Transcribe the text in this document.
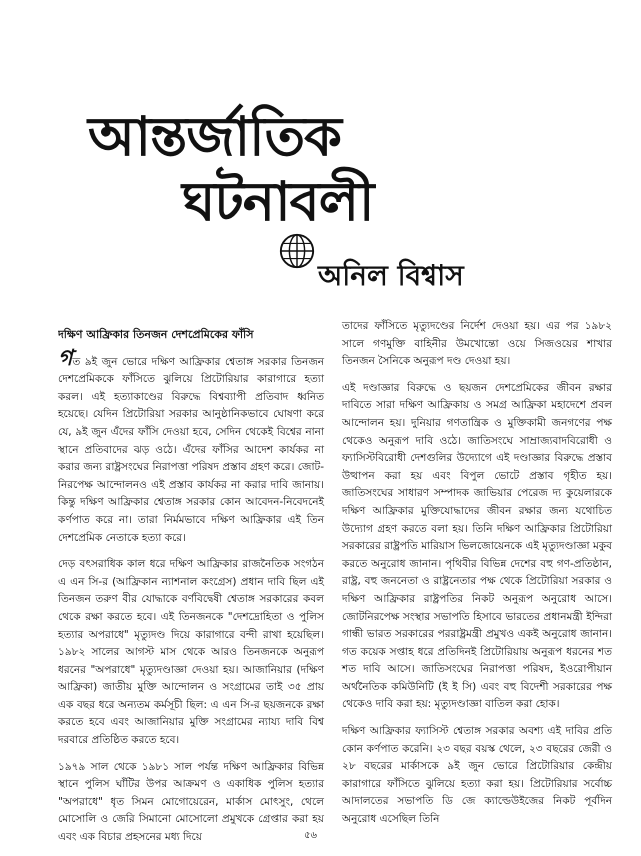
আন্তর্জাতিক
ঘটনাবলী
অনিল বিশ্বাস
দক্ষিণ আফ্রিকার তিনজন দেশপ্রেমিকের ফাঁসি

গত ৯ই জুন ভোরে দক্ষিণ আফ্রিকার শ্বেতাঙ্গ সরকার তিনজন দেশপ্রেমিককে ফাঁসিতে ঝুলিয়ে প্রিটোরিয়ার কারাগারে হত্যা করল। এই হত্যাকাণ্ডের বিরুদ্ধে বিশ্বব্যাপী প্রতিবাদ ধ্বনিত হয়েছে। যেদিন প্রিটোরিয়া সরকার আনুষ্ঠানিকভাবে ঘোষণা করে যে, ৯ই জুন এঁদের ফাঁসি দেওয়া হবে, সেদিন থেকেই বিশ্বের নানা স্থানে প্রতিবাদের ঝড় ওঠে। এঁদের ফাঁসির আদেশ কার্যকর না করার জন্য রাষ্ট্রসংঘের নিরাপত্তা পরিষদ প্রস্তাব গ্রহণ করে। জোট-নিরপেক্ষ আন্দোলনও এই প্রস্তাব কার্যকর না করার দাবি জানায়। কিন্তু দক্ষিণ আফ্রিকার শ্বেতাঙ্গ সরকার কোন আবেদন-নিবেদনেই কর্ণপাত করে না। তারা নির্মমভাবে দক্ষিণ আফ্রিকার এই তিন দেশপ্রেমিক নেতাকে হত্যা করে।

দেড় বৎসরাধিক কাল ধরে দক্ষিণ আফ্রিকার রাজনৈতিক সংগঠন এ এন সি-র (আফ্রিকান ন্যাশনাল কংগ্রেস) প্রধান দাবি ছিল এই তিনজন তরুণ বীর যোদ্ধাকে বর্ণবিদ্বেষী শ্বেতাঙ্গ সরকারের কবল থেকে রক্ষা করতে হবে। এই তিনজনকে "দেশদ্রোহিতা ও পুলিস হত্যার অপরাধে" মৃত্যুদণ্ড দিয়ে কারাগারে বন্দী রাখা হয়েছিল। ১৯৮২ সালের আগস্ট মাস থেকে আরও তিনজনকে অনুরূপ ধরনের "অপরাধে" মৃত্যুদণ্ডাজ্ঞা দেওয়া হয়। আজানিয়ার (দক্ষিণ আফ্রিকা) জাতীয় মুক্তি আন্দোলন ও সংগ্রামের তাই ৩৫ প্রায় এক বছর ধরে অন্যতম কর্মসূচী ছিল: এ এন সি-র ছয়জনকে রক্ষা করতে হবে এবং আজানিয়ার মুক্তি সংগ্রামের ন্যায্য দাবি বিশ্ব দরবারে প্রতিষ্ঠিত করতে হবে।

১৯৭৯ সাল থেকে ১৯৮১ সাল পর্যন্ত দক্ষিণ আফ্রিকার বিভিন্ন স্থানে পুলিস ঘাঁটির উপর আক্রমণ ও একাধিক পুলিস হত্যার "অপরাধে" ধৃত সিমন মোগোয়েরেন, মার্কাস মোৎসুং, থেলে মোসোলি ও জেরি সিমানো মোসোলো প্রমুখকে গ্রেপ্তার করা হয় এবং এক বিচার প্রহসনের মধ্য দিয়ে

তাদের ফাঁসিতে মৃত্যুদণ্ডের নির্দেশ দেওয়া হয়। এর পর ১৯৮২ সালে গণমুক্তি বাহিনীর উমখোন্তো ওয়ে সিজওয়ের শাখার তিনজন সৈনিকে অনুরূপ দণ্ড দেওয়া হয়।

এই দণ্ডাজ্ঞার বিরুদ্ধে ও ছয়জন দেশপ্রেমিকের জীবন রক্ষার দাবিতে সারা দক্ষিণ আফ্রিকায় ও সমগ্র আফ্রিকা মহাদেশে প্রবল আন্দোলন হয়। দুনিয়ার গণতান্ত্রিক ও মুক্তিকামী জনগণের পক্ষ থেকেও অনুরূপ দাবি ওঠে। জাতিসংঘে সাম্রাজ্যবাদবিরোধী ও ফ্যাসিস্টবিরোধী দেশগুলির উদ্যোগে এই দণ্ডাজ্ঞার বিরুদ্ধে প্রস্তাব উত্থাপন করা হয় এবং বিপুল ভোটে প্রস্তাব গৃহীত হয়। জাতিসংঘের সাধারণ সম্পাদক জাভিয়ার পেরেজ দ্য কুয়েলারকে দক্ষিণ আফ্রিকার মুক্তিযোদ্ধাদের জীবন রক্ষার জন্য যথোচিত উদ্যোগ গ্রহণ করতে বলা হয়। তিনি দক্ষিণ আফ্রিকার প্রিটোরিয়া সরকারের রাষ্ট্রপতি মারিয়াস ভিলজোয়েনকে এই মৃত্যুদণ্ডাজ্ঞা মকুব করতে অনুরোধ জানান। পৃথিবীর বিভিন্ন দেশের বহু গণ-প্রতিষ্ঠান, রাষ্ট্র, বহু জননেতা ও রাষ্ট্রনেতার পক্ষ থেকে প্রিটোরিয়া সরকার ও দক্ষিণ আফ্রিকার রাষ্ট্রপতির নিকট অনুরূপ অনুরোধ আসে। জোটনিরপেক্ষ সংস্থার সভাপতি হিসাবে ভারতের প্রধানমন্ত্রী ইন্দিরা গান্ধী ভারত সরকারের পররাষ্ট্রমন্ত্রী প্রমুখও একই অনুরোধ জানান। গত কয়েক সপ্তাহ ধরে প্রতিদিনই প্রিটোরিয়ায় অনুরূপ ধরনের শত শত দাবি আসে। জাতিসংঘের নিরাপত্তা পরিষদ, ইওরোপীয়ান অর্থনৈতিক কমিউনিটি (ই ই সি) এবং বহু বিদেশী সরকারের পক্ষ থেকেও দাবি করা হয়: মৃত্যুদণ্ডাজ্ঞা বাতিল করা হোক।

দক্ষিণ আফ্রিকার ফ্যাসিস্ট শ্বেতাঙ্গ সরকার অবশ্য এই দাবির প্রতি কোন কর্ণপাত করেনি। ২৩ বছর বয়স্ক থেলে, ২৩ বছরের জেরী ও ২৮ বছরের মার্কাসকে ৯ই জুন ভোরে প্রিটোরিয়ার কেন্দ্রীয় কারাগারে ফাঁসিতে ঝুলিয়ে হত্যা করা হয়। প্রিটোরিয়ার সর্বোচ্চ আদালতের সভাপতি ডি জে ক্যাল্ডেউইজের নিকট পূর্বদিন অনুরোধ এসেছিল তিনি

৫৬
